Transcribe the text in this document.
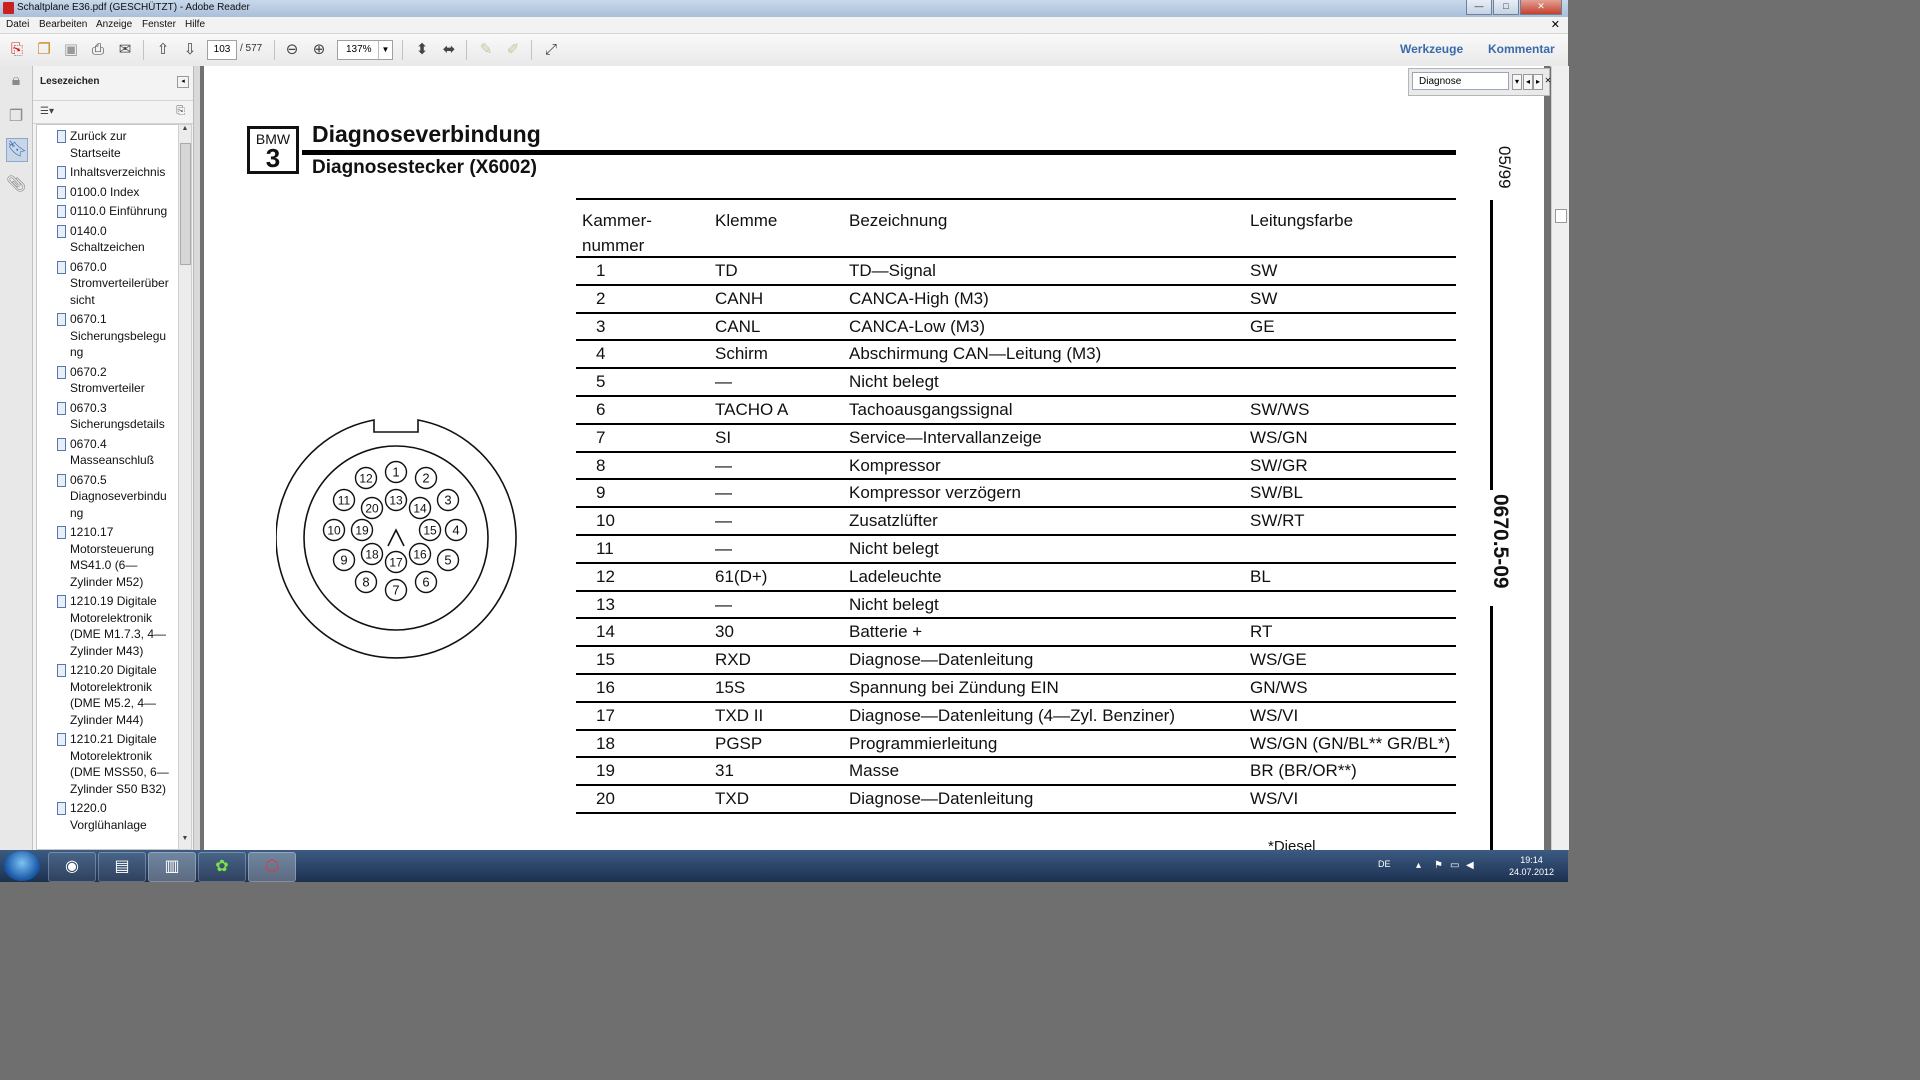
Schaltplane E36.pdf (GESCHÜTZT) - Adobe Reader	—	□	✕
Datei Bearbeiten Anzeige Fenster Hilfe	✕
⎘ ❐ ▣ ⎙ ✉	⇧ ⇩	103 / 577	⊖ ⊕	137%	▼	⬍ ⬌	✎ ✐	⤢	Werkzeuge Kommentar
🔒︎
❐
🔖︎
📎︎
Lesezeichen	◂
☰▾	⎘
Zurück zur Startseite
Inhaltsverzeichnis
0100.0 Index
0110.0 Einführung
0140.0 Schaltzeichen
0670.0 Stromverteilerüber sicht
0670.1 Sicherungsbelegu ng
0670.2 Stromverteiler
0670.3 Sicherungsdetails
0670.4 Masseanschluß
0670.5 Diagnoseverbindu ng
1210.17 Motorsteuerung MS41.0 (6—Zylinder M52)
1210.19 Digitale Motorelektronik (DME M1.7.3, 4—Zylinder M43)
1210.20 Digitale Motorelektronik (DME M5.2, 4—Zylinder M44)
1210.21 Digitale Motorelektronik (DME MSS50, 6—Zylinder S50 B32)
1220.0 Vorglühanlage
▲
▼
BMW
3
Diagnoseverbindung
Diagnosestecker (X6002)	05/99
0670.5-09
1 2
3
4
5
6
7
8
9
10
11
12
13
14
15
16
17
18
19
20
Kammer- nummer
Klemme	Bezeichnung	Leitungsfarbe
1	TD	TD—Signal	SW
2	CANH	CANCA-High (M3)	SW
3	CANL	CANCA-Low (M3)	GE
4	Schirm	Abschirmung CAN—Leitung (M3)
5	—	Nicht belegt
6	TACHO A	Tachoausgangssignal	SW/WS
7	SI	Service—Intervallanzeige	WS/GN
8	—	Kompressor	SW/GR
9	—	Kompressor verzögern	SW/BL
10	—	Zusatzlüfter	SW/RT
11	—	Nicht belegt
12	61(D+)	Ladeleuchte	BL
13	—	Nicht belegt
14	30	Batterie +	RT
15	RXD	Diagnose—Datenleitung	WS/GE
16	15S	Spannung bei Zündung EIN	GN/WS
17	TXD II	Diagnose—Datenleitung (4—Zyl. Benziner)	WS/VI
18	PGSP	Programmierleitung	WS/GN (GN/BL** GR/BL*)
19	31	Masse	BR (BR/OR**)
20	TXD	Diagnose—Datenleitung	WS/VI
*Diesel
Diagnose	▾ ◂ ▸ ✕
◉	▤	▥	✿	⬡	DE	▴ ⚑ ▭ ◀︎	19:14
24.07.2012
